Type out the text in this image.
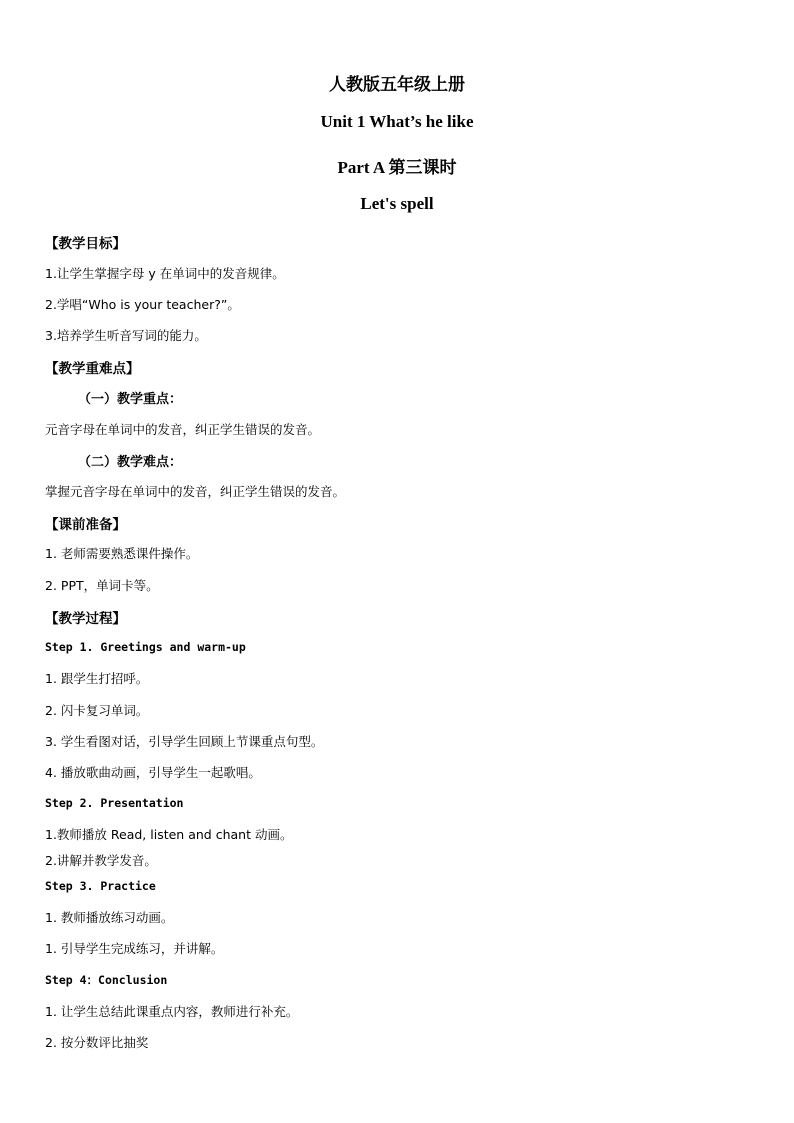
人教版五年级上册
Unit 1 What’s he like
Part A 第三课时
Let's spell
【教学目标】
1.让学生掌握字母 y 在单词中的发音规律。
2.学唱“Who is your teacher?”。
3.培养学生听音写词的能力。
【教学重难点】
（一）教学重点：
元音字母在单词中的发音，纠正学生错误的发音。
（二）教学难点：
掌握元音字母在单词中的发音，纠正学生错误的发音。
【课前准备】
1. 老师需要熟悉课件操作。
2. PPT，单词卡等。
【教学过程】
Step 1. Greetings and warm-up
1. 跟学生打招呼。
2. 闪卡复习单词。
3. 学生看图对话，引导学生回顾上节课重点句型。
4. 播放歌曲动画，引导学生一起歌唱。
Step 2. Presentation
1.教师播放 Read, listen and chant 动画。
2.讲解并教学发音。
Step 3. Practice
1. 教师播放练习动画。
1. 引导学生完成练习，并讲解。
Step 4：Conclusion
1. 让学生总结此课重点内容，教师进行补充。
2. 按分数评比抽奖
